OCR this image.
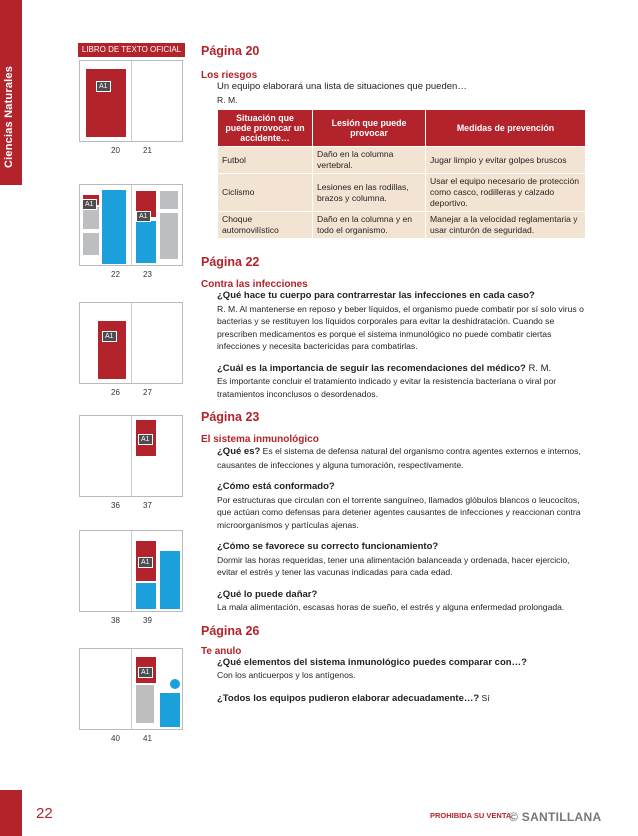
Ciencias Naturales
LIBRO DE TEXTO OFICIAL
A1
20	21
A1
A1
22	23
A1
26	27
A1
36	37
A1
38	39
A1
40	41

Página 20

Los riesgos

Un equipo elaborará una lista de situaciones que pueden…

R. M.

Situación que puede provocar un accidente…	Lesión que puede provocar	Medidas de prevención
Futbol	Daño en la columna vertebral.	Jugar limpio y evitar golpes bruscos
Ciclismo	Lesiones en las rodillas, brazos y columna.	Usar el equipo necesario de protección como casco, rodilleras y calzado deportivo.
Choque automovilístico	Daño en la columna y en todo el organismo.	Manejar a la velocidad reglamentaria y usar cinturón de seguridad.

Página 22

Contra las infecciones

¿Qué hace tu cuerpo para contrarrestar las infecciones en cada caso?

R. M. Al mantenerse en reposo y beber líquidos, el organismo puede combatir por sí solo virus o bacterias y se restituyen los líquidos corporales para evitar la deshidratación. Cuando se prescriben medicamentos es porque el sistema inmunológico no puede combatir ciertas infecciones y necesita bactericidas para combatirlas.

¿Cuál es la importancia de seguir las recomendaciones del médico? R. M.

Es importante concluir el tratamiento indicado y evitar la resistencia bacteriana o viral por tratamientos inconclusos o desordenados.

Página 23

El sistema inmunológico

¿Qué es? Es el sistema de defensa natural del organismo contra agentes externos e internos, causantes de infecciones y alguna tumoración, respectivamente.

¿Cómo está conformado?

Por estructuras que circulan con el torrente sanguíneo, llamados glóbulos blancos o leucocitos, que actúan como defensas para detener agentes causantes de infecciones y reaccionan contra microorganismos y partículas ajenas.

¿Cómo se favorece su correcto funcionamiento?

Dormir las horas requeridas, tener una alimentación balanceada y ordenada, hacer ejercicio, evitar el estrés y tener las vacunas indicadas para cada edad.

¿Qué lo puede dañar?

La mala alimentación, escasas horas de sueño, el estrés y alguna enfermedad prolongada.

Página 26

Te anulo

¿Qué elementos del sistema inmunológico puedes comparar con…?

Con los anticuerpos y los antígenos.

¿Todos los equipos pudieron elaborar adecuadamente…? Sí

22	PROHIBIDA SU VENTA
© SANTILLANA
